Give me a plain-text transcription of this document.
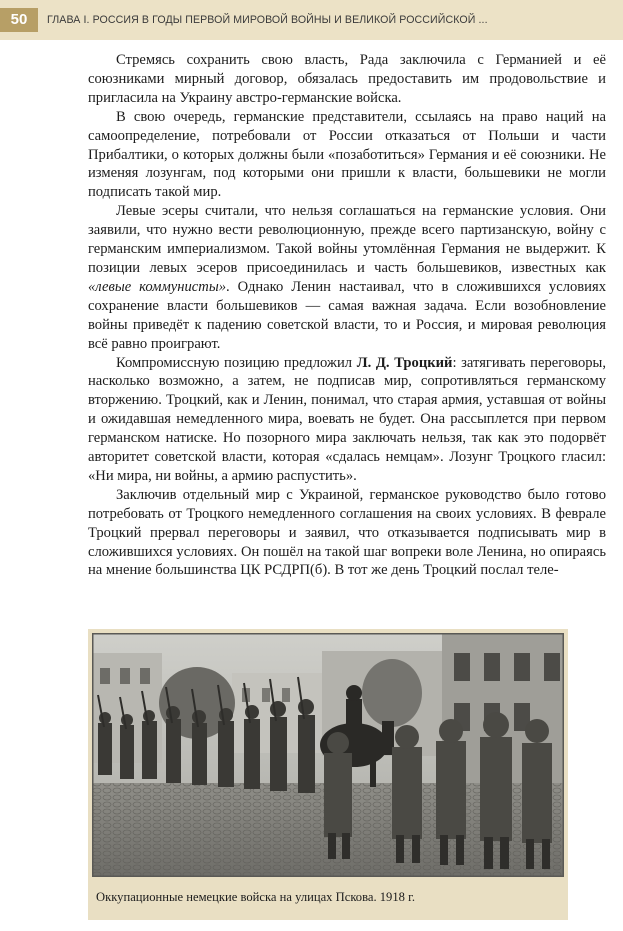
50	ГЛАВА I. РОССИЯ В ГОДЫ ПЕРВОЙ МИРОВОЙ ВОЙНЫ И ВЕЛИКОЙ РОССИЙСКОЙ ...

Стремясь сохранить свою власть, Рада заключила с Германией и её союзниками мирный договор, обязалась предоставить им продовольствие и пригласила на Украину австро-германские войска.

В свою очередь, германские представители, ссылаясь на право наций на самоопределение, потребовали от России отказаться от Польши и части Прибалтики, о которых должны были «позаботиться» Германия и её союзники. Не изменяя лозунгам, под которыми они пришли к власти, большевики не могли подписать такой мир.

Левые эсеры считали, что нельзя соглашаться на германские условия. Они заявили, что нужно вести революционную, прежде всего партизанскую, войну с германским империализмом. Такой войны утомлённая Германия не выдержит. К позиции левых эсеров присоединилась и часть большевиков, известных как «левые коммунисты». Однако Ленин настаивал, что в сложившихся условиях сохранение власти большевиков — самая важная задача. Если возобновление войны приведёт к падению советской власти, то и Россия, и мировая революция всё равно проиграют.

Компромиссную позицию предложил Л. Д. Троцкий: затягивать переговоры, насколько возможно, а затем, не подписав мир, сопротивляться германскому вторжению. Троцкий, как и Ленин, понимал, что старая армия, уставшая от войны и ожидавшая немедленного мира, воевать не будет. Она рассыплется при первом германском натиске. Но позорного мира заключать нельзя, так как это подорвёт авторитет советской власти, которая «сдалась немцам». Лозунг Троцкого гласил: «Ни мира, ни войны, а армию распустить».

Заключив отдельный мир с Украиной, германское руководство было готово потребовать от Троцкого немедленного соглашения на своих условиях. В феврале Троцкий прервал переговоры и заявил, что отказывается подписывать мир в сложившихся условиях. Он пошёл на такой шаг вопреки воле Ленина, но опираясь на мнение большинства ЦК РСДРП(б). В тот же день Троцкий послал теле-

Оккупационные немецкие войска на улицах Пскова. 1918 г.
